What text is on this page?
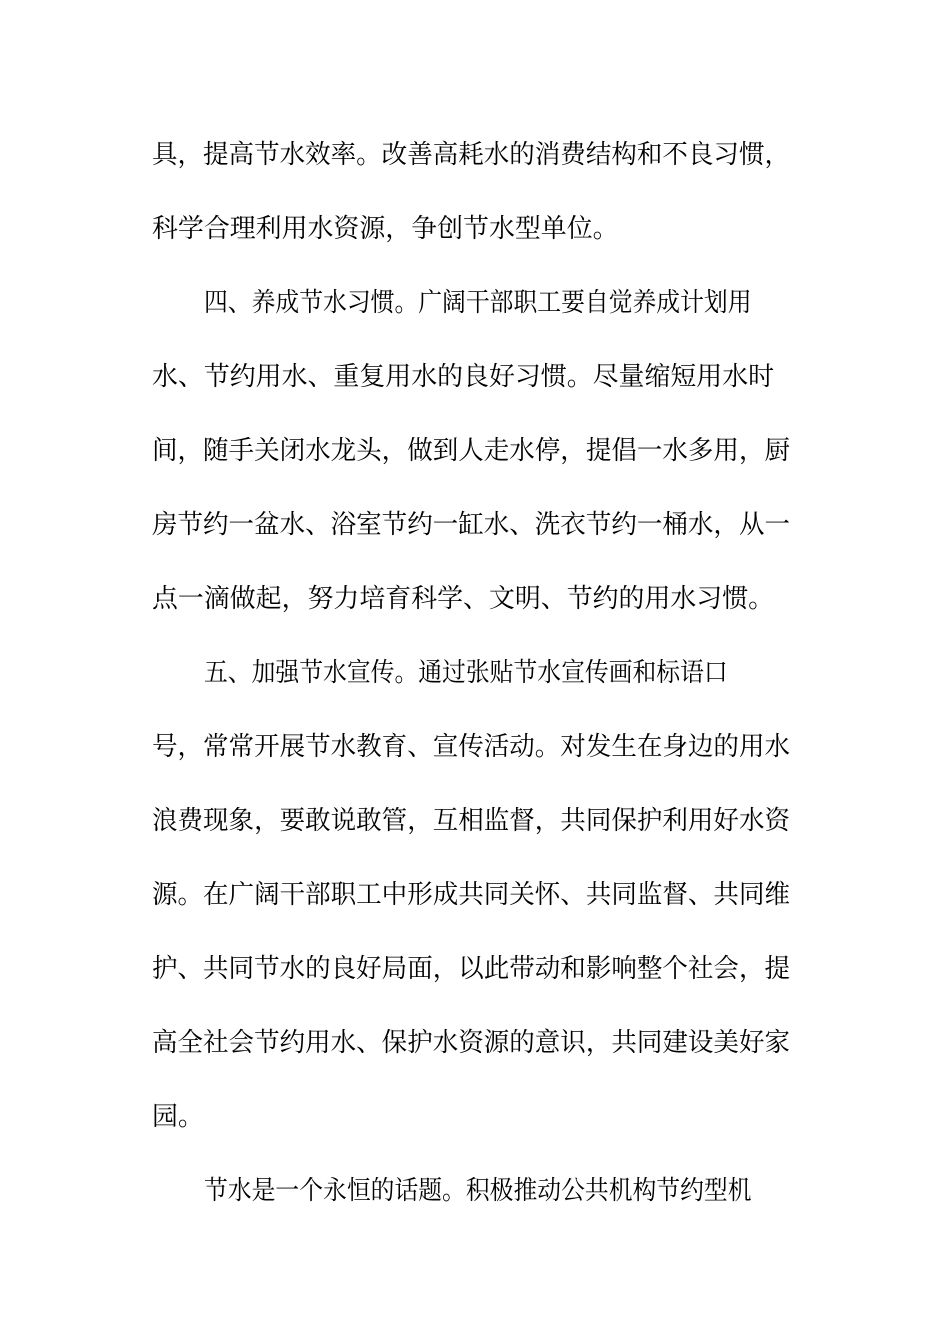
具，提高节水效率。改善高耗水的消费结构和不良习惯，
科学合理利用水资源，争创节水型单位。
四、养成节水习惯。广阔干部职工要自觉养成计划用
水、节约用水、重复用水的良好习惯。尽量缩短用水时
间，随手关闭水龙头，做到人走水停，提倡一水多用，厨
房节约一盆水、浴室节约一缸水、洗衣节约一桶水，从一
点一滴做起，努力培育科学、文明、节约的用水习惯。
五、加强节水宣传。通过张贴节水宣传画和标语口
号，常常开展节水教育、宣传活动。对发生在身边的用水
浪费现象，要敢说敢管，互相监督，共同保护利用好水资
源。在广阔干部职工中形成共同关怀、共同监督、共同维
护、共同节水的良好局面，以此带动和影响整个社会，提
高全社会节约用水、保护水资源的意识，共同建设美好家
园。
节水是一个永恒的话题。积极推动公共机构节约型机
